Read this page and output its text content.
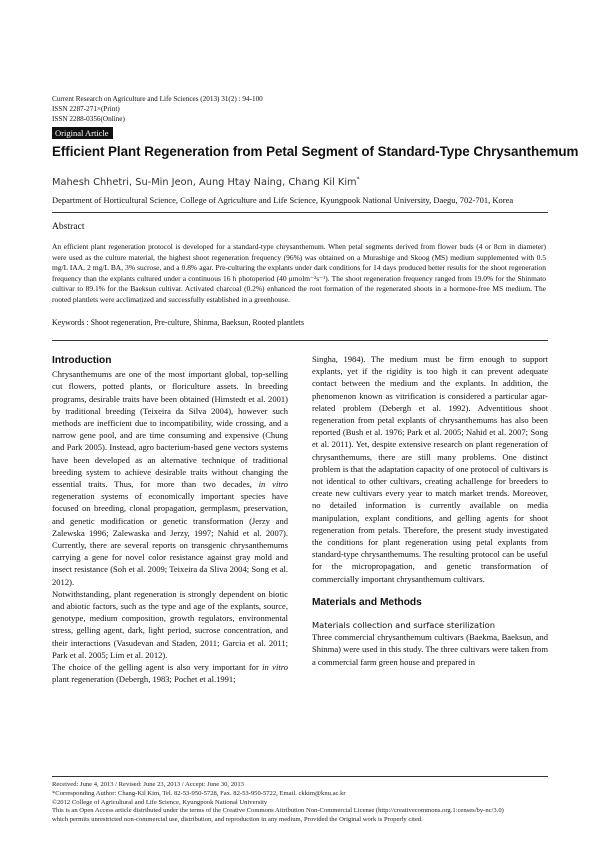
Current Research on Agriculture and Life Sciences (2013) 31(2) : 94-100
ISSN 2287-271×(Print)
ISSN 2288-0356(Online)
Original Article
Efficient Plant Regeneration from Petal Segment of Standard-Type Chrysanthemum
Mahesh Chhetri, Su-Min Jeon, Aung Htay Naing, Chang Kil Kim*
Department of Horticultural Science, College of Agriculture and Life Science, Kyungpook National University, Daegu, 702-701, Korea
Abstract
An efficient plant regeneration protocol is developed for a standard-type chrysanthemum. When petal segments derived from flower buds (4 or 8cm in diameter) were used as the culture material, the highest shoot regeneration frequency (96%) was obtained on a Murashige and Skoog (MS) medium supplemented with 0.5 mg/L IAA, 2 mg/L BA, 3% sucrose, and a 0.8% agar. Pre-culturing the explants under dark conditions for 14 days produced better results for the shoot regeneration frequency than the explants cultured under a continuous 16 h photoperiod (40 μmolm⁻²s⁻¹). The shoot regeneration frequency ranged from 19.0% for the Shinmato cultivar to 89.1% for the Baeksun cultivar. Activated charcoal (0.2%) enhanced the root formation of the regenerated shoots in a hormone-free MS medium. The rooted plantlets were acclimatized and successfully established in a greenhouse.
Keywords : Shoot regeneration, Pre-culture, Shinma, Baeksun, Rooted plantlets
Introduction

Chrysanthemums are one of the most important global, top-selling cut flowers, potted plants, or floriculture assets. In breeding programs, desirable traits have been obtained (Himstedt et al. 2001) by traditional breeding (Teixeira da Silva 2004), however such methods are inefficient due to incompatibility, wide crossing, and a narrow gene pool, and are time consuming and expensive (Chung and Park 2005). Instead, agro bacterium-based gene vectors systems have been developed as an alternative technique of traditional breeding system to achieve desirable traits without changing the essential traits. Thus, for more than two decades, in vitro regeneration systems of economically important species have focused on breeding, clonal propagation, germplasm, preservation, and genetic modification or genetic transformation (Jerzy and Zalewska 1996; Zalewaska and Jerzy, 1997; Nahid et al. 2007). Currently, there are several reports on transgenic chrysanthemums carrying a gene for novel color resistance against gray mold and insect resistance (Soh et al. 2009; Teixeira da Sliva 2004; Song et al. 2012).

Notwithstanding, plant regeneration is strongly dependent on biotic and abiotic factors, such as the type and age of the explants, source, genotype, medium composition, growth regulators, environmental stress, gelling agent, dark, light period, sucrose concentration, and their interactions (Vasudevan and Staden, 2011; Garcia et al. 2011; Park et al. 2005; Lim et al. 2012).

The choice of the gelling agent is also very important for in vitro plant regeneration (Debergh, 1983; Pochet et al.1991;

Singha, 1984). The medium must be firm enough to support explants, yet if the rigidity is too high it can prevent adequate contact between the medium and the explants. In addition, the phenomenon known as vitrification is considered a particular agar-related problem (Debergh et al. 1992). Adventitious shoot regeneration from petal explants of chrysanthemums has also been reported (Bush et al. 1976; Park et al. 2005; Nahid et al. 2007; Song et al. 2011). Yet, despite extensive research on plant regeneration of chrysanthemums, there are still many problems. One distinct problem is that the adaptation capacity of one protocol of cultivars is not identical to other cultivars, creating achallenge for breeders to create new cultivars every year to match market trends. Moreover, no detailed information is currently available on media manipulation, explant conditions, and gelling agents for shoot regeneration from petals. Therefore, the present study investigated the conditions for plant regeneration using petal explants from standard-type chrysanthemums. The resulting protocol can be useful for the micropropagation, and genetic transformation of commercially important chrysanthemum cultivars.

Materials and Methods
Materials collection and surface sterilization

Three commercial chrysanthemum cultivars (Baekma, Baeksun, and Shinma) were used in this study. The three cultivars were taken from a commercial farm green house and prepared in

Received: June 4, 2013 / Revised: June 23, 2013 / Accept: June 30, 2013
*Corresponding Author: Chang-Kil Kim, Tel. 82-53-950-5728, Fax. 82-53-950-5722, Email. ckkim@knu.ac.kr
©2012 College of Agricultural and Life Science, Kyungpook National University
This is an Open Access article distributed under the terms of the Creative Commons Attribution Non-Commercial License (http://creativecommons.org.1:censes/by-nc/3.0)
which permits unrestricted non-commercial use, distribution, and reproduction in any medium, Provided the Original work is Properly cited.
